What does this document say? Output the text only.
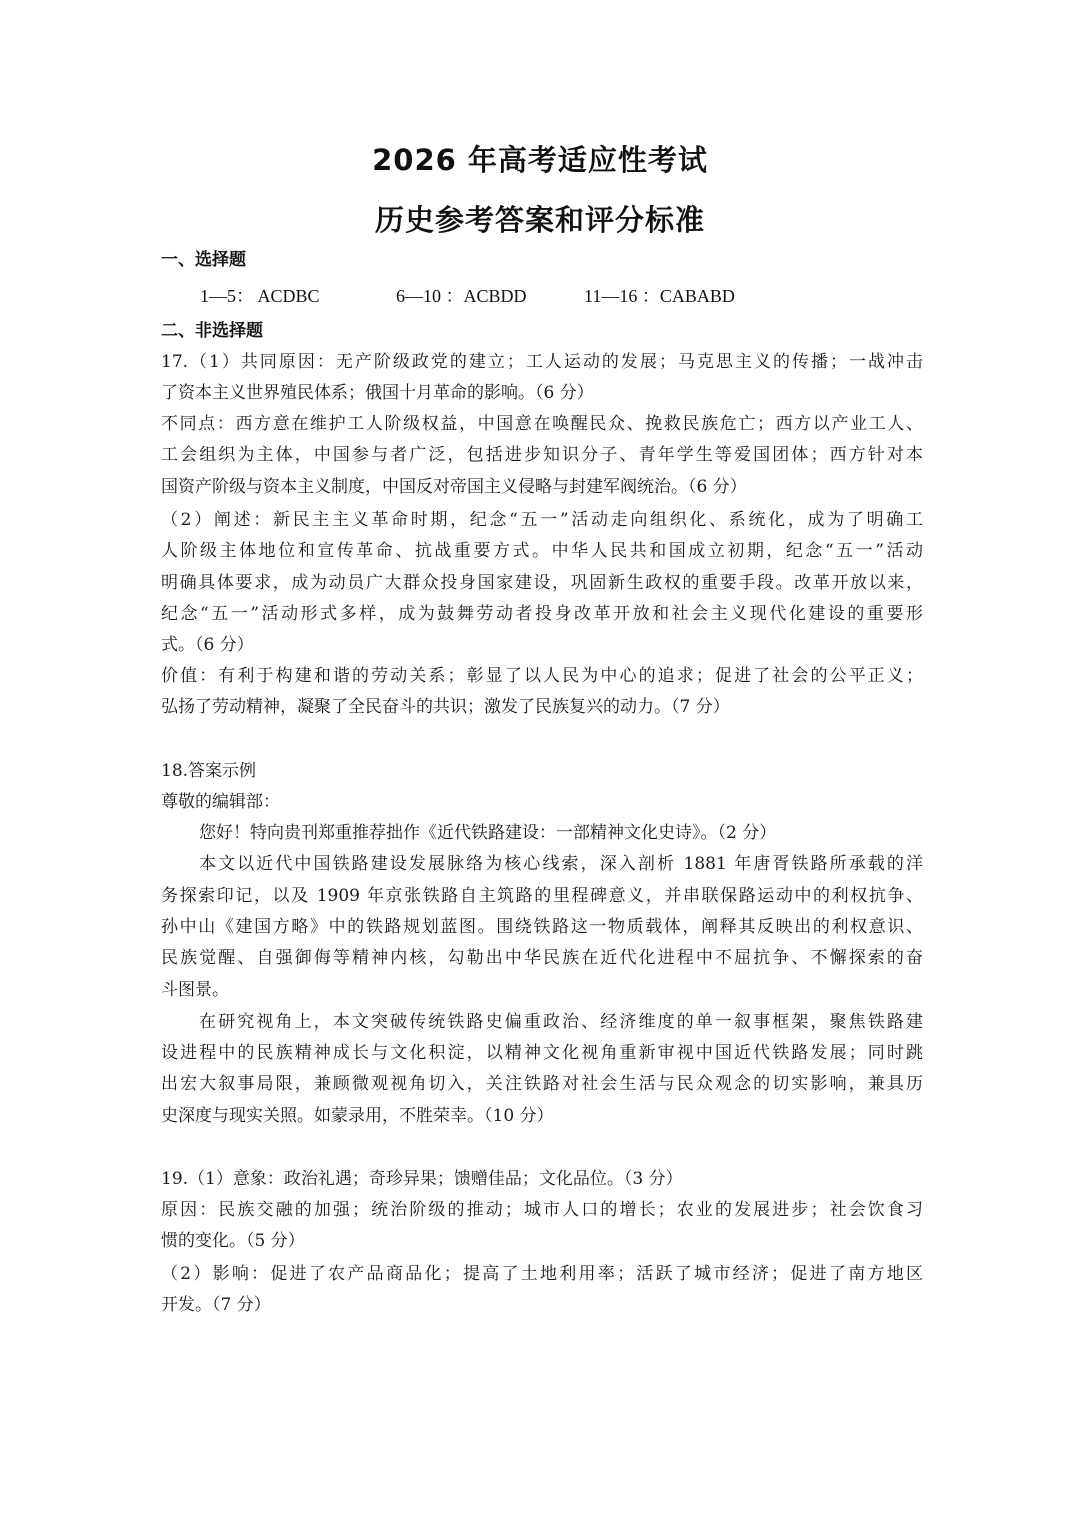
2026 年高考适应性考试
历史参考答案和评分标准
一、选择题
1—5： ACDBC	6—10 ：ACBDD	11—16 ：CABABD
二、非选择题
17.（1）共同原因：无产阶级政党的建立；工人运动的发展；马克思主义的传播；一战冲击
了资本主义世界殖民体系；俄国十月革命的影响。（6 分）
不同点：西方意在维护工人阶级权益，中国意在唤醒民众、挽救民族危亡；西方以产业工人、
工会组织为主体，中国参与者广泛，包括进步知识分子、青年学生等爱国团体；西方针对本
国资产阶级与资本主义制度，中国反对帝国主义侵略与封建军阀统治。（6 分）
（2）阐述：新民主主义革命时期，纪念“五一”活动走向组织化、系统化，成为了明确工
人阶级主体地位和宣传革命、抗战重要方式。中华人民共和国成立初期，纪念“五一”活动
明确具体要求，成为动员广大群众投身国家建设，巩固新生政权的重要手段。改革开放以来，
纪念“五一”活动形式多样，成为鼓舞劳动者投身改革开放和社会主义现代化建设的重要形
式。（6 分）
价值：有利于构建和谐的劳动关系；彰显了以人民为中心的追求；促进了社会的公平正义；
弘扬了劳动精神，凝聚了全民奋斗的共识；激发了民族复兴的动力。（7 分）
18.答案示例
尊敬的编辑部：
您好！特向贵刊郑重推荐拙作《近代铁路建设：一部精神文化史诗》。（2 分）
本文以近代中国铁路建设发展脉络为核心线索，深入剖析 1881 年唐胥铁路所承载的洋
务探索印记，以及 1909 年京张铁路自主筑路的里程碑意义，并串联保路运动中的利权抗争、
孙中山《建国方略》中的铁路规划蓝图。围绕铁路这一物质载体，阐释其反映出的利权意识、
民族觉醒、自强御侮等精神内核，勾勒出中华民族在近代化进程中不屈抗争、不懈探索的奋
斗图景。
在研究视角上，本文突破传统铁路史偏重政治、经济维度的单一叙事框架，聚焦铁路建
设进程中的民族精神成长与文化积淀，以精神文化视角重新审视中国近代铁路发展；同时跳
出宏大叙事局限，兼顾微观视角切入，关注铁路对社会生活与民众观念的切实影响，兼具历
史深度与现实关照。如蒙录用，不胜荣幸。（10 分）
19.（1）意象：政治礼遇；奇珍异果；馈赠佳品；文化品位。（3 分）
原因：民族交融的加强；统治阶级的推动；城市人口的增长；农业的发展进步；社会饮食习
惯的变化。（5 分）
（2）影响：促进了农产品商品化；提高了土地利用率；活跃了城市经济；促进了南方地区
开发。（7 分）
